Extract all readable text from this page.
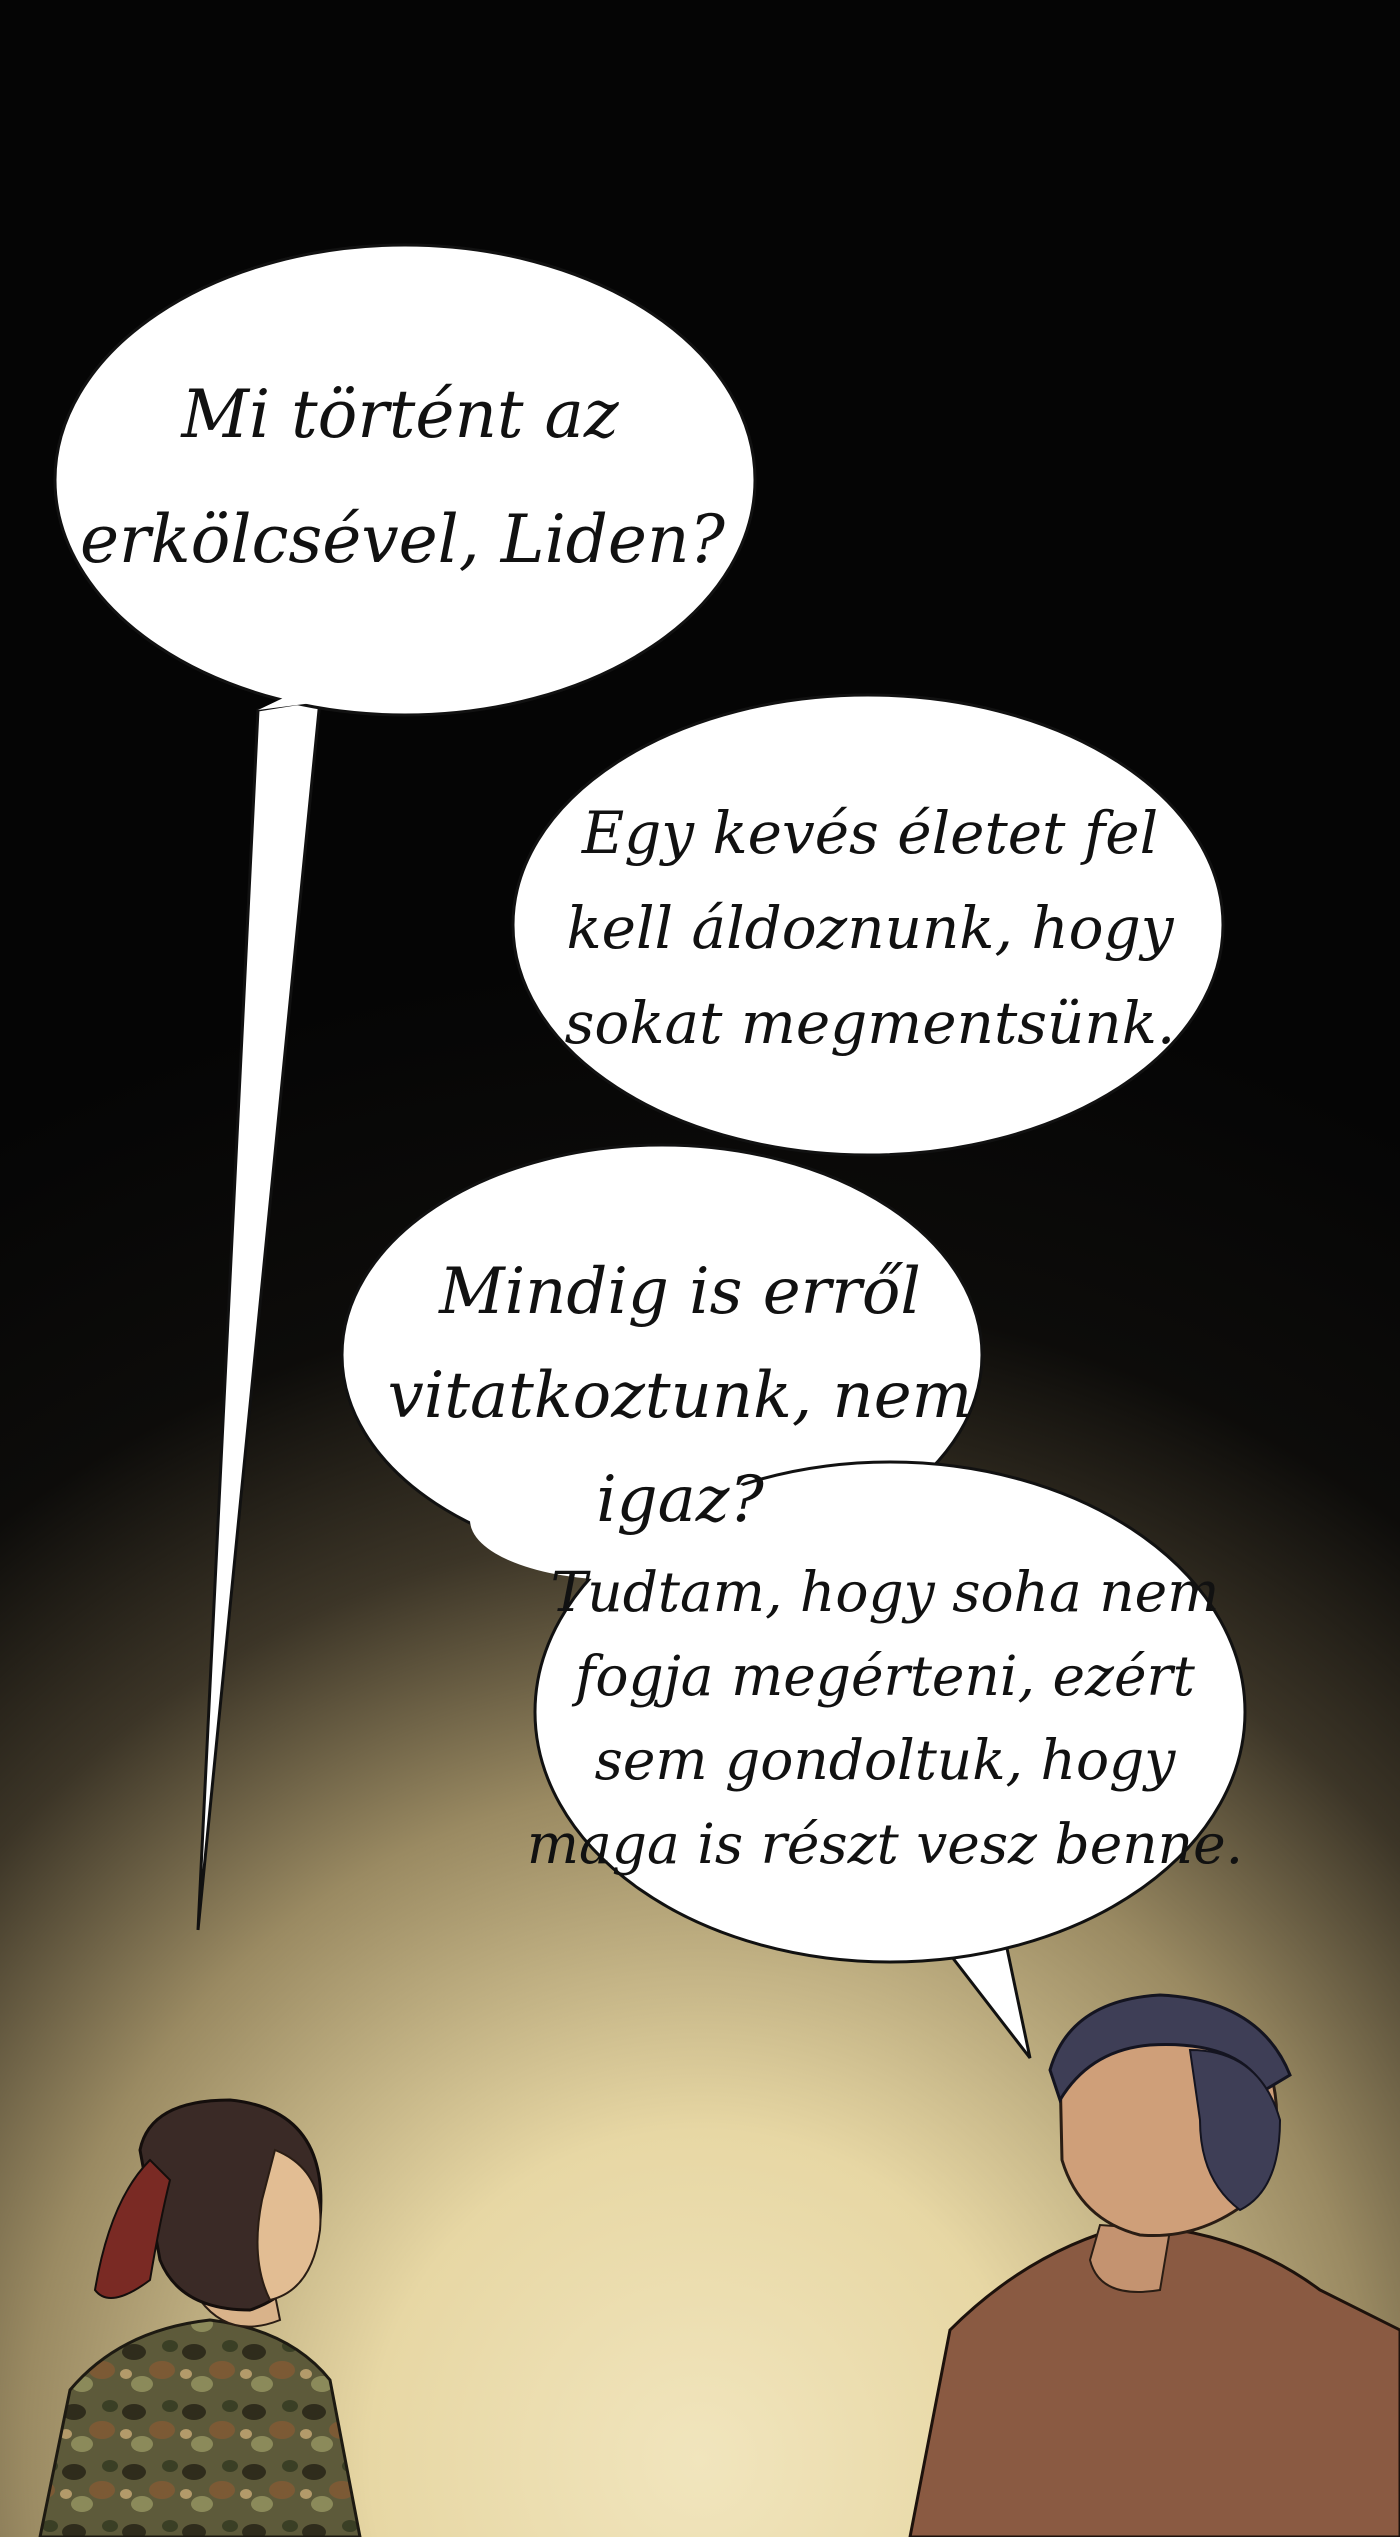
Mi történt az
erkölcsével, Liden?
Egy kevés életet fel
kell áldoznunk, hogy
sokat megmentsünk.
Mindig is erről
vitatkoztunk, nem
igaz?
Tudtam, hogy soha nem
fogja megérteni, ezért
sem gondoltuk, hogy
maga is részt vesz benne.
